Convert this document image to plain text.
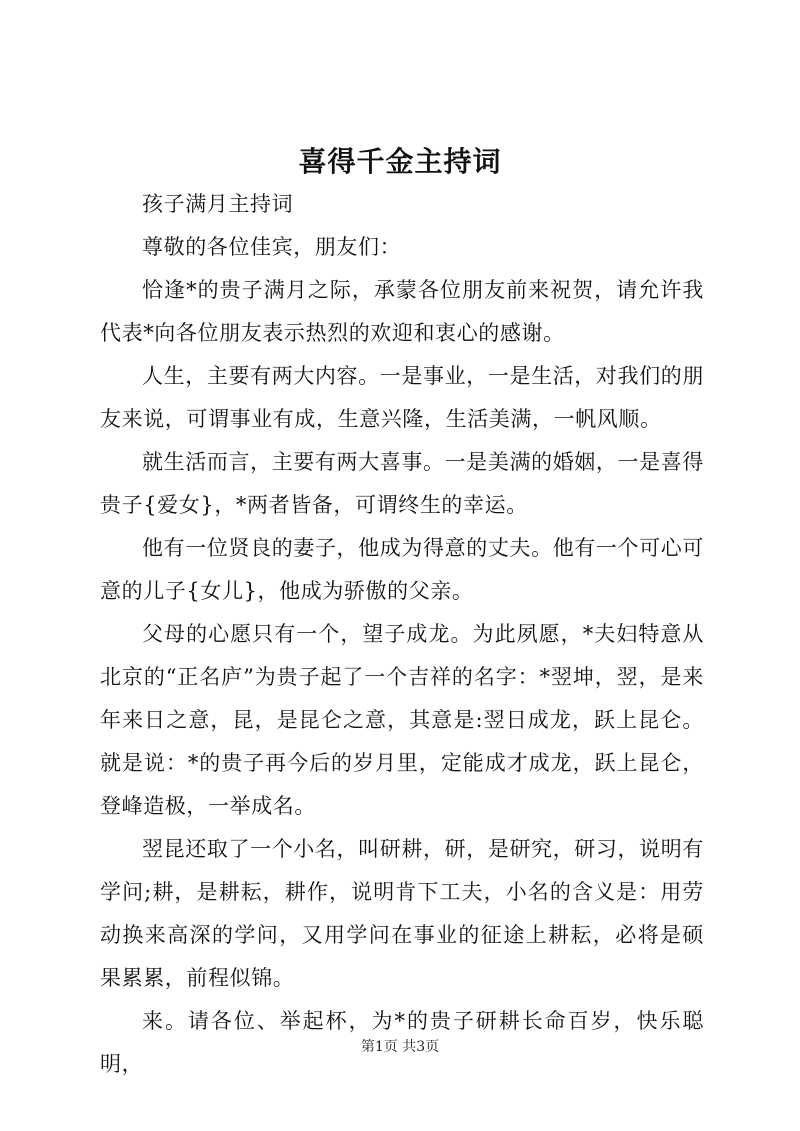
喜得千金主持词

孩子满月主持词

尊敬的各位佳宾，朋友们：

恰逢*的贵子满月之际，承蒙各位朋友前来祝贺，请允许我代表*向各位朋友表示热烈的欢迎和衷心的感谢。

人生，主要有两大内容。一是事业，一是生活，对我们的朋友来说，可谓事业有成，生意兴隆，生活美满，一帆风顺。

就生活而言，主要有两大喜事。一是美满的婚姻，一是喜得贵子{爱女}，*两者皆备，可谓终生的幸运。

他有一位贤良的妻子，他成为得意的丈夫。他有一个可心可意的儿子{女儿}，他成为骄傲的父亲。

父母的心愿只有一个，望子成龙。为此夙愿，*夫妇特意从北京的“正名庐”为贵子起了一个吉祥的名字：*翌坤，翌，是来年来日之意，昆，是昆仑之意，其意是:翌日成龙，跃上昆仑。就是说：*的贵子再今后的岁月里，定能成才成龙，跃上昆仑，登峰造极，一举成名。

翌昆还取了一个小名，叫研耕，研，是研究，研习，说明有学问;耕，是耕耘，耕作，说明肯下工夫，小名的含义是：用劳动换来高深的学问，又用学问在事业的征途上耕耘，必将是硕果累累，前程似锦。

来。请各位、举起杯，为*的贵子研耕长命百岁，快乐聪明，

第1页 共3页
